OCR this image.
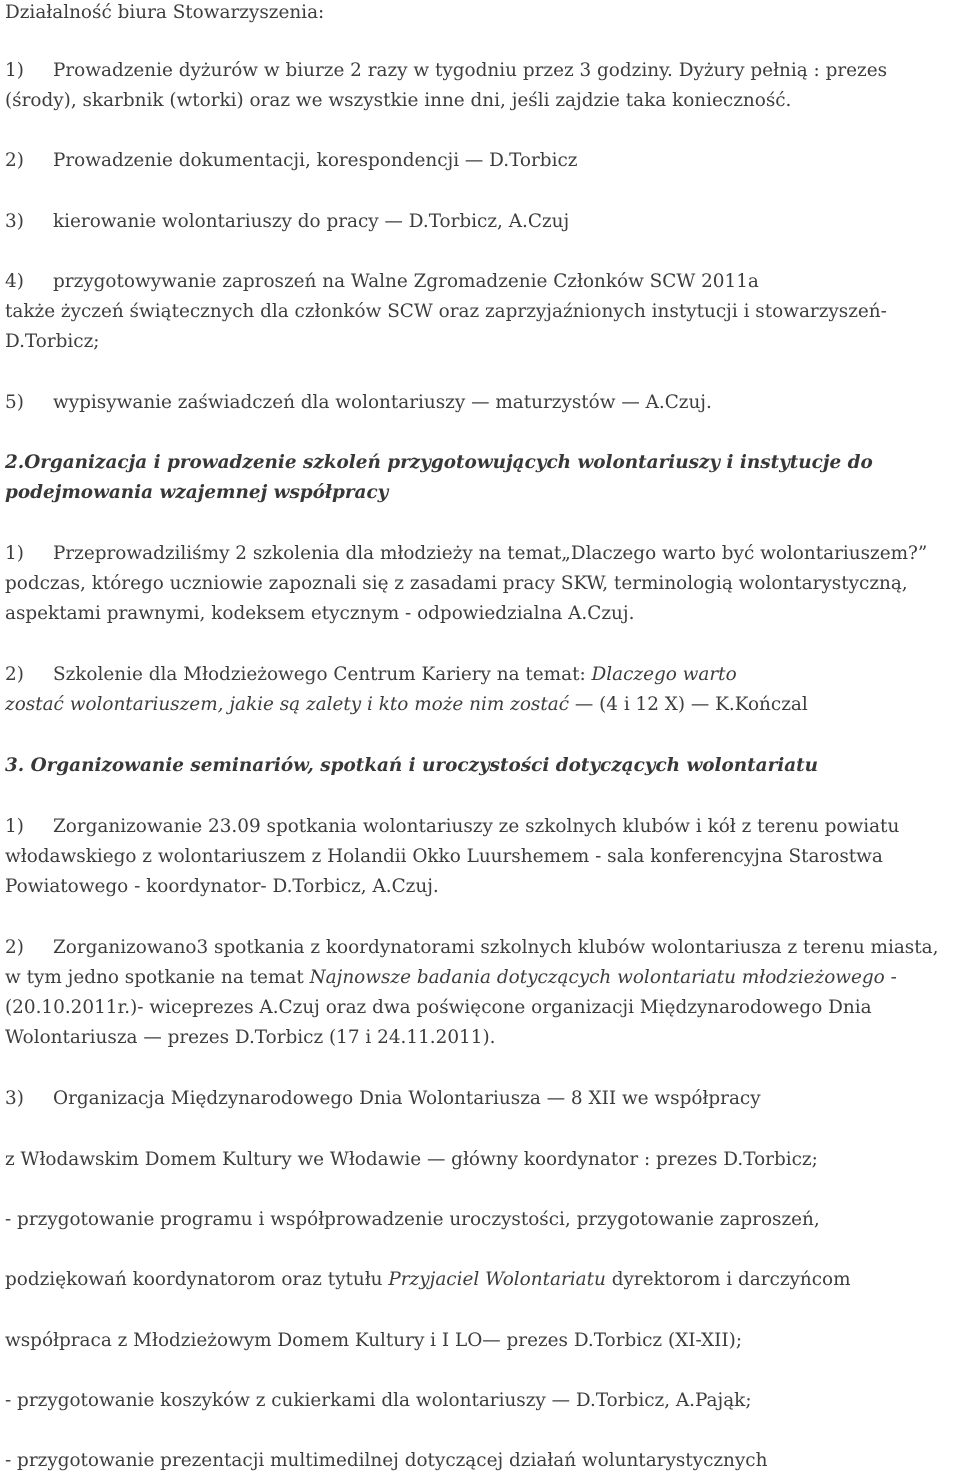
Działalność biura Stowarzyszenia:

1) Prowadzenie dyżurów w biurze 2 razy w tygodniu przez 3 godziny. Dyżury pełnią : prezes

(środy), skarbnik (wtorki) oraz we wszystkie inne dni, jeśli zajdzie taka konieczność.

2) Prowadzenie dokumentacji, korespondencji — D.Torbicz

3) kierowanie wolontariuszy do pracy — D.Torbicz, A.Czuj

4) przygotowywanie zaproszeń na Walne Zgromadzenie Członków SCW 2011a

także życzeń świątecznych dla członków SCW oraz zaprzyjaźnionych instytucji i stowarzyszeń-

D.Torbicz;

5) wypisywanie zaświadczeń dla wolontariuszy — maturzystów — A.Czuj.

2.Organizacja i prowadzenie szkoleń przygotowujących wolontariuszy i instytucje do

podejmowania wzajemnej współpracy

1) Przeprowadziliśmy 2 szkolenia dla młodzieży na temat„Dlaczego warto być wolontariuszem?”

podczas, którego uczniowie zapoznali się z zasadami pracy SKW, terminologią wolontarystyczną,

aspektami prawnymi, kodeksem etycznym - odpowiedzialna A.Czuj.

2) Szkolenie dla Młodzieżowego Centrum Kariery na temat: Dlaczego warto

zostać wolontariuszem, jakie są zalety i kto może nim zostać — (4 i 12 X) — K.Kończal

3. Organizowanie seminariów, spotkań i uroczystości dotyczących wolontariatu

1) Zorganizowanie 23.09 spotkania wolontariuszy ze szkolnych klubów i kół z terenu powiatu

włodawskiego z wolontariuszem z Holandii Okko Luurshemem - sala konferencyjna Starostwa

Powiatowego - koordynator- D.Torbicz, A.Czuj.

2) Zorganizowano3 spotkania z koordynatorami szkolnych klubów wolontariusza z terenu miasta,

w tym jedno spotkanie na temat Najnowsze badania dotyczących wolontariatu młodzieżowego -

(20.10.2011r.)- wiceprezes A.Czuj oraz dwa poświęcone organizacji Międzynarodowego Dnia

Wolontariusza — prezes D.Torbicz (17 i 24.11.2011).

3) Organizacja Międzynarodowego Dnia Wolontariusza — 8 XII we współpracy

z Włodawskim Domem Kultury we Włodawie — główny koordynator : prezes D.Torbicz;

- przygotowanie programu i współprowadzenie uroczystości, przygotowanie zaproszeń,

podziękowań koordynatorom oraz tytułu Przyjaciel Wolontariatu dyrektorom i darczyńcom

współpraca z Młodzieżowym Domem Kultury i I LO— prezes D.Torbicz (XI-XII);

- przygotowanie koszyków z cukierkami dla wolontariuszy — D.Torbicz, A.Pająk;

- przygotowanie prezentacji multimedilnej dotyczącej działań woluntarystycznych
